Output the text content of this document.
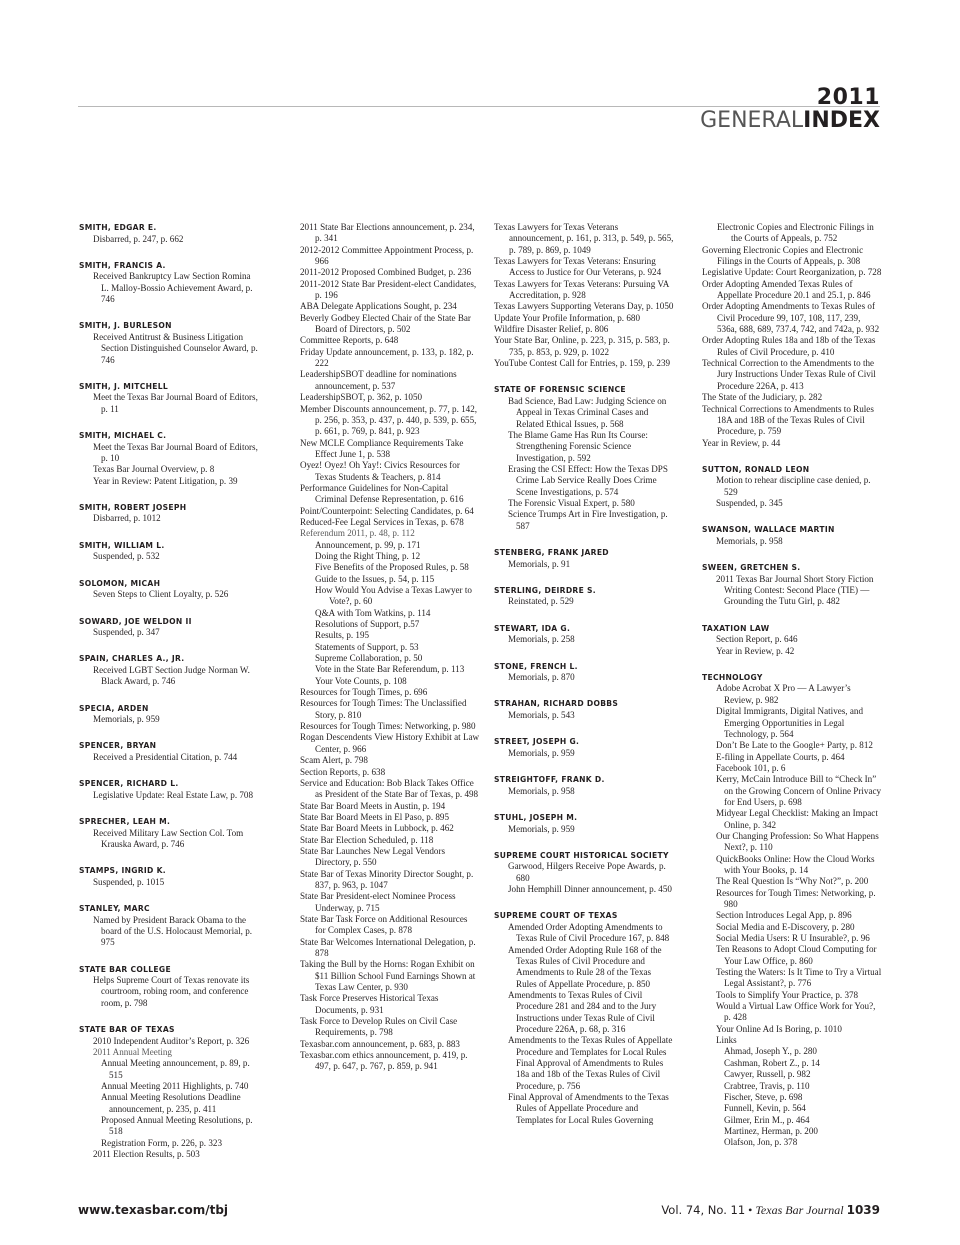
2011
GENERALINDEX
SMITH, EDGAR E.
Disbarred, p. 247, p. 662
SMITH, FRANCIS A.
Received Bankruptcy Law Section Romina L. Malloy-Bossio Achievement Award, p. 746
SMITH, J. BURLESON
Received Antitrust & Business Litigation Section Distinguished Counselor Award, p. 746
SMITH, J. MITCHELL
Meet the Texas Bar Journal Board of Editors, p. 11
SMITH, MICHAEL C.
Meet the Texas Bar Journal Board of Editors, p. 10
Texas Bar Journal Overview, p. 8
Year in Review: Patent Litigation, p. 39
SMITH, ROBERT JOSEPH
Disbarred, p. 1012
SMITH, WILLIAM L.
Suspended, p. 532
SOLOMON, MICAH
Seven Steps to Client Loyalty, p. 526
SOWARD, JOE WELDON II
Suspended, p. 347
SPAIN, CHARLES A., JR.
Received LGBT Section Judge Norman W. Black Award, p. 746
SPECIA, ARDEN
Memorials, p. 959
SPENCER, BRYAN
Received a Presidential Citation, p. 744
SPENCER, RICHARD L.
Legislative Update: Real Estate Law, p. 708
SPRECHER, LEAH M.
Received Military Law Section Col. Tom Krauska Award, p. 746
STAMPS, INGRID K.
Suspended, p. 1015
STANLEY, MARC
Named by President Barack Obama to the board of the U.S. Holocaust Memorial, p. 975
STATE BAR COLLEGE
Helps Supreme Court of Texas renovate its courtroom, robing room, and conference room, p. 798
STATE BAR OF TEXAS
2010 Independent Auditor’s Report, p. 326
2011 Annual Meeting
Annual Meeting announcement, p. 89, p. 515
Annual Meeting 2011 Highlights, p. 740
Annual Meeting Resolutions Deadline announcement, p. 235, p. 411
Proposed Annual Meeting Resolutions, p. 518
Registration Form, p. 226, p. 323
2011 Election Results, p. 503
2011 State Bar Elections announcement, p. 234, p. 341
2012-2012 Committee Appointment Process, p. 966
2011-2012 Proposed Combined Budget, p. 236
2011-2012 State Bar President-elect Candidates, p. 196
ABA Delegate Applications Sought, p. 234
Beverly Godbey Elected Chair of the State Bar Board of Directors, p. 502
Committee Reports, p. 648
Friday Update announcement, p. 133, p. 182, p. 222
LeadershipSBOT deadline for nominations announcement, p. 537
LeadershipSBOT, p. 362, p. 1050
Member Discounts announcement, p. 77, p. 142, p. 256, p. 353, p. 437, p. 440, p. 539, p. 655, p. 661, p. 769, p. 841, p. 923
New MCLE Compliance Requirements Take Effect June 1, p. 538
Oyez! Oyez! Oh Yay!: Civics Resources for Texas Students & Teachers, p. 814
Performance Guidelines for Non-Capital Criminal Defense Representation, p. 616
Point/Counterpoint: Selecting Candidates, p. 64
Reduced-Fee Legal Services in Texas, p. 678
Referendum 2011, p. 48, p. 112
Announcement, p. 99, p. 171
Doing the Right Thing, p. 12
Five Benefits of the Proposed Rules, p. 58
Guide to the Issues, p. 54, p. 115
How Would You Advise a Texas Lawyer to Vote?, p. 60
Q&A with Tom Watkins, p. 114
Resolutions of Support, p.57
Results, p. 195
Statements of Support, p. 53
Supreme Collaboration, p. 50
Vote in the State Bar Referendum, p. 113
Your Vote Counts, p. 108
Resources for Tough Times, p. 696
Resources for Tough Times: The Unclassified Story, p. 810
Resources for Tough Times: Networking, p. 980
Rogan Descendents View History Exhibit at Law Center, p. 966
Scam Alert, p. 798
Section Reports, p. 638
Service and Education: Bob Black Takes Office as President of the State Bar of Texas, p. 498
State Bar Board Meets in Austin, p. 194
State Bar Board Meets in El Paso, p. 895
State Bar Board Meets in Lubbock, p. 462
State Bar Election Scheduled, p. 118
State Bar Launches New Legal Vendors Directory, p. 550
State Bar of Texas Minority Director Sought, p. 837, p. 963, p. 1047
State Bar President-elect Nominee Process Underway, p. 715
State Bar Task Force on Additional Resources for Complex Cases, p. 878
State Bar Welcomes International Delegation, p. 878
Taking the Bull by the Horns: Rogan Exhibit on $11 Billion School Fund Earnings Shown at Texas Law Center, p. 930
Task Force Preserves Historical Texas Documents, p. 931
Task Force to Develop Rules on Civil Case Requirements, p. 798
Texasbar.com announcement, p. 683, p. 883
Texasbar.com ethics announcement, p. 419, p. 497, p. 647, p. 767, p. 859, p. 941
Texas Lawyers for Texas Veterans announcement, p. 161, p. 313, p. 549, p. 565, p. 789, p. 869, p. 1049
Texas Lawyers for Texas Veterans: Ensuring Access to Justice for Our Veterans, p. 924
Texas Lawyers for Texas Veterans: Pursuing VA Accreditation, p. 928
Texas Lawyers Supporting Veterans Day, p. 1050
Update Your Profile Information, p. 680
Wildfire Disaster Relief, p. 806
Your State Bar, Online, p. 223, p. 315, p. 583, p. 735, p. 853, p. 929, p. 1022
YouTube Contest Call for Entries, p. 159, p. 239
STATE OF FORENSIC SCIENCE
Bad Science, Bad Law: Judging Science on Appeal in Texas Criminal Cases and Related Ethical Issues, p. 568
The Blame Game Has Run Its Course: Strengthening Forensic Science Investigation, p. 592
Erasing the CSI Effect: How the Texas DPS Crime Lab Service Really Does Crime Scene Investigations, p. 574
The Forensic Visual Expert, p. 580
Science Trumps Art in Fire Investigation, p. 587
STENBERG, FRANK JARED
Memorials, p. 91
STERLING, DEIRDRE S.
Reinstated, p. 529
STEWART, IDA G.
Memorials, p. 258
STONE, FRENCH L.
Memorials, p. 870
STRAHAN, RICHARD DOBBS
Memorials, p. 543
STREET, JOSEPH G.
Memorials, p. 959
STREIGHTOFF, FRANK D.
Memorials, p. 958
STUHL, JOSEPH M.
Memorials, p. 959
SUPREME COURT HISTORICAL SOCIETY
Garwood, Hilgers Receive Pope Awards, p. 680
John Hemphill Dinner announcement, p. 450
SUPREME COURT OF TEXAS
Amended Order Adopting Amendments to Texas Rule of Civil Procedure 167, p. 848
Amended Order Adopting Rule 168 of the Texas Rules of Civil Procedure and Amendments to Rule 28 of the Texas Rules of Appellate Procedure, p. 850
Amendments to Texas Rules of Civil Procedure 281 and 284 and to the Jury Instructions under Texas Rule of Civil Procedure 226A, p. 68, p. 316
Amendments to the Texas Rules of Appellate Procedure and Templates for Local Rules Final Approval of Amendments to Rules 18a and 18b of the Texas Rules of Civil Procedure, p. 756
Final Approval of Amendments to the Texas Rules of Appellate Procedure and Templates for Local Rules Governing
Electronic Copies and Electronic Filings in the Courts of Appeals, p. 752
Governing Electronic Copies and Electronic Filings in the Courts of Appeals, p. 308
Legislative Update: Court Reorganization, p. 728
Order Adopting Amended Texas Rules of Appellate Procedure 20.1 and 25.1, p. 846
Order Adopting Amendments to Texas Rules of Civil Procedure 99, 107, 108, 117, 239, 536a, 688, 689, 737.4, 742, and 742a, p. 932
Order Adopting Rules 18a and 18b of the Texas Rules of Civil Procedure, p. 410
Technical Correction to the Amendments to the Jury Instructions Under Texas Rule of Civil Procedure 226A, p. 413
The State of the Judiciary, p. 282
Technical Corrections to Amendments to Rules 18A and 18B of the Texas Rules of Civil Procedure, p. 759
Year in Review, p. 44
SUTTON, RONALD LEON
Motion to rehear discipline case denied, p. 529
Suspended, p. 345
SWANSON, WALLACE MARTIN
Memorials, p. 958
SWEEN, GRETCHEN S.
2011 Texas Bar Journal Short Story Fiction Writing Contest: Second Place (TIE) — Grounding the Tutu Girl, p. 482
TAXATION LAW
Section Report, p. 646
Year in Review, p. 42
TECHNOLOGY
Adobe Acrobat X Pro — A Lawyer’s Review, p. 982
Digital Immigrants, Digital Natives, and Emerging Opportunities in Legal Technology, p. 564
Don’t Be Late to the Google+ Party, p. 812
E-filing in Appellate Courts, p. 464
Facebook 101, p. 6
Kerry, McCain Introduce Bill to “Check In” on the Growing Concern of Online Privacy for End Users, p. 698
Midyear Legal Checklist: Making an Impact Online, p. 342
Our Changing Profession: So What Happens Next?, p. 110
QuickBooks Online: How the Cloud Works with Your Books, p. 14
The Real Question Is “Why Not?”, p. 200
Resources for Tough Times: Networking, p. 980
Section Introduces Legal App, p. 896
Social Media and E-Discovery, p. 280
Social Media Users: R U Insurable?, p. 96
Ten Reasons to Adopt Cloud Computing for Your Law Office, p. 860
Testing the Waters: Is It Time to Try a Virtual Legal Assistant?, p. 776
Tools to Simplify Your Practice, p. 378
Would a Virtual Law Office Work for You?, p. 428
Your Online Ad Is Boring, p. 1010
Links
Ahmad, Joseph Y., p. 280
Cashman, Robert Z., p. 14
Cawyer, Russell, p. 982
Crabtree, Travis, p. 110
Fischer, Steve, p. 698
Funnell, Kevin, p. 564
Gilmer, Erin M., p. 464
Martinez, Herman, p. 200
Olafson, Jon, p. 378
www.texasbar.com/tbj	Vol. 74, No. 11 • Texas Bar Journal 1039
